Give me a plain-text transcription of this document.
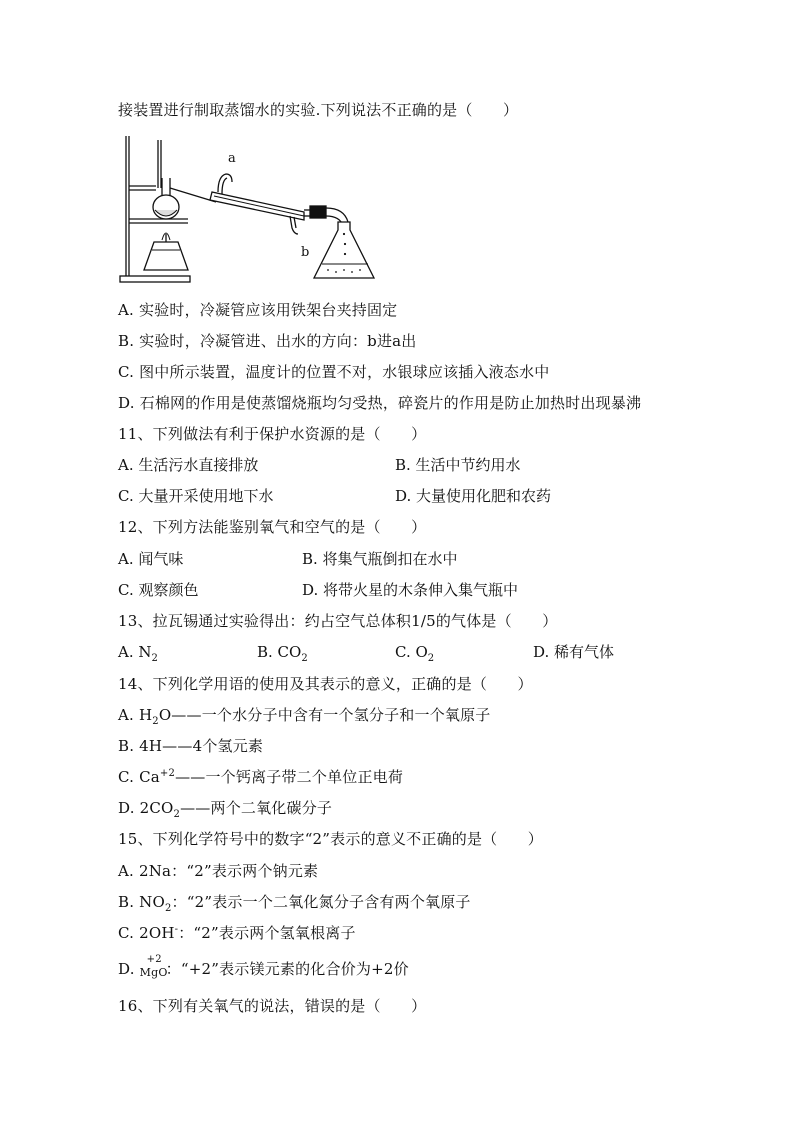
接装置进行制取蒸馏水的实验.下列说法不正确的是（　　）
a
b
A. 实验时，冷凝管应该用铁架台夹持固定
B. 实验时，冷凝管进、出水的方向：b进a出
C. 图中所示装置，温度计的位置不对，水银球应该插入液态水中
D. 石棉网的作用是使蒸馏烧瓶均匀受热，碎瓷片的作用是防止加热时出现暴沸
11、下列做法有利于保护水资源的是（　　）
A. 生活污水直接排放	B. 生活中节约用水
C. 大量开采使用地下水	D. 大量使用化肥和农药
12、下列方法能鉴别氧气和空气的是（　　）
A. 闻气味	B. 将集气瓶倒扣在水中
C. 观察颜色	D. 将带火星的木条伸入集气瓶中
13、拉瓦锡通过实验得出：约占空气总体积1/5的气体是（　　）
A. $N_2$	B. $CO_2$	C. $O_2$	D. 稀有气体
14、下列化学用语的使用及其表示的意义，正确的是（　　）
A. $H_2O——$一个水分子中含有一个氢分子和一个氧原子
B. 4H——4个氢元素
C. $Ca^{+2}——$一个钙离子带二个单位正电荷
D. $2CO_2——$两个二氧化碳分子
15、下列化学符号中的数字“2”表示的意义不正确的是（　　）
A. 2Na：“2”表示两个钠元素
B. $NO_2$：“2”表示一个二氧化氮分子含有两个氧原子
C. 2OH-：“2”表示两个氢氧根离子
D.
+2
MgO
：“+2”表示镁元素的化合价为+2价
16、下列有关氧气的说法，错误的是（　　）
